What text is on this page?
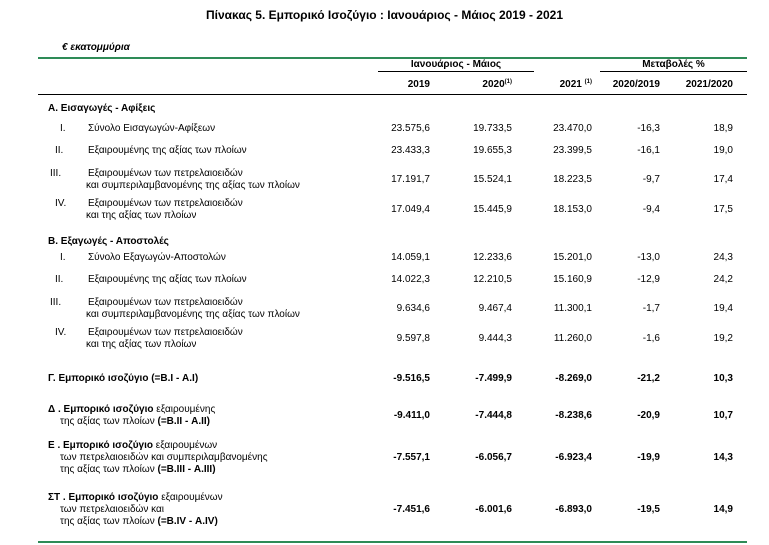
Πίνακας 5. Εμπορικό Ισοζύγιο : Ιανουάριος - Μάιος 2019 - 2021
€ εκατομμύρια
Ιανουάριος - Μάιος	Μεταβολές %
2019	2020$^{(1)}$	2021 $^{(1)}$	2020/2019	2021/2020
Α. Εισαγωγές - Αφίξεις
I. Σύνολο Εισαγωγών-Αφίξεων	23.575,6	19.733,5	23.470,0	-16,3	18,9
II. Εξαιρουμένης της αξίας των πλοίων	23.433,3	19.655,3	23.399,5	-16,1	19,0
III.	Εξαιρουμένων των πετρελαιοειδών
και συμπεριλαμβανομένης της αξίας των πλοίων
17.191,7	15.524,1	18.223,5	-9,7	17,4
IV. Εξαιρουμένων των πετρελαιοειδών
και της αξίας των πλοίων
17.049,4	15.445,9	18.153,0	-9,4	17,5
I. Σύνολο Εξαγωγών-Αποστολών	14.059,1	12.233,6	15.201,0	-13,0	24,3
II. Εξαιρουμένης της αξίας των πλοίων	14.022,3	12.210,5	15.160,9	-12,9	24,2
III.	Εξαιρουμένων των πετρελαιοειδών
και συμπεριλαμβανομένης της αξίας των πλοίων
9.634,6	9.467,4	11.300,1	-1,7	19,4
IV. Εξαιρουμένων των πετρελαιοειδών
και της αξίας των πλοίων
9.597,8	9.444,3	11.260,0	-1,6	19,2
Γ. Εμπορικό ισοζύγιο (=Β.I - Α.I)	-9.516,5	-7.499,9	-8.269,0	-21,2	10,3
Δ . Εμπορικό ισοζύγιο εξαιρουμένης
της αξίας των πλοίων (=Β.II - Α.II)
-9.411,0	-7.444,8	-8.238,6	-20,9	10,7
Ε . Εμπορικό ισοζύγιο εξαιρουμένων
των πετρελαιοειδών και συμπεριλαμβανομένης
της αξίας των πλοίων (=Β.III - Α.III)
-7.557,1	-6.056,7	-6.923,4	-19,9	14,3
ΣΤ . Εμπορικό ισοζύγιο εξαιρουμένων
των πετρελαιοειδών και
της αξίας των πλοίων (=Β.IV - Α.IV)
-7.451,6	-6.001,6	-6.893,0	-19,5	14,9
Β. Εξαγωγές - Αποστολές
